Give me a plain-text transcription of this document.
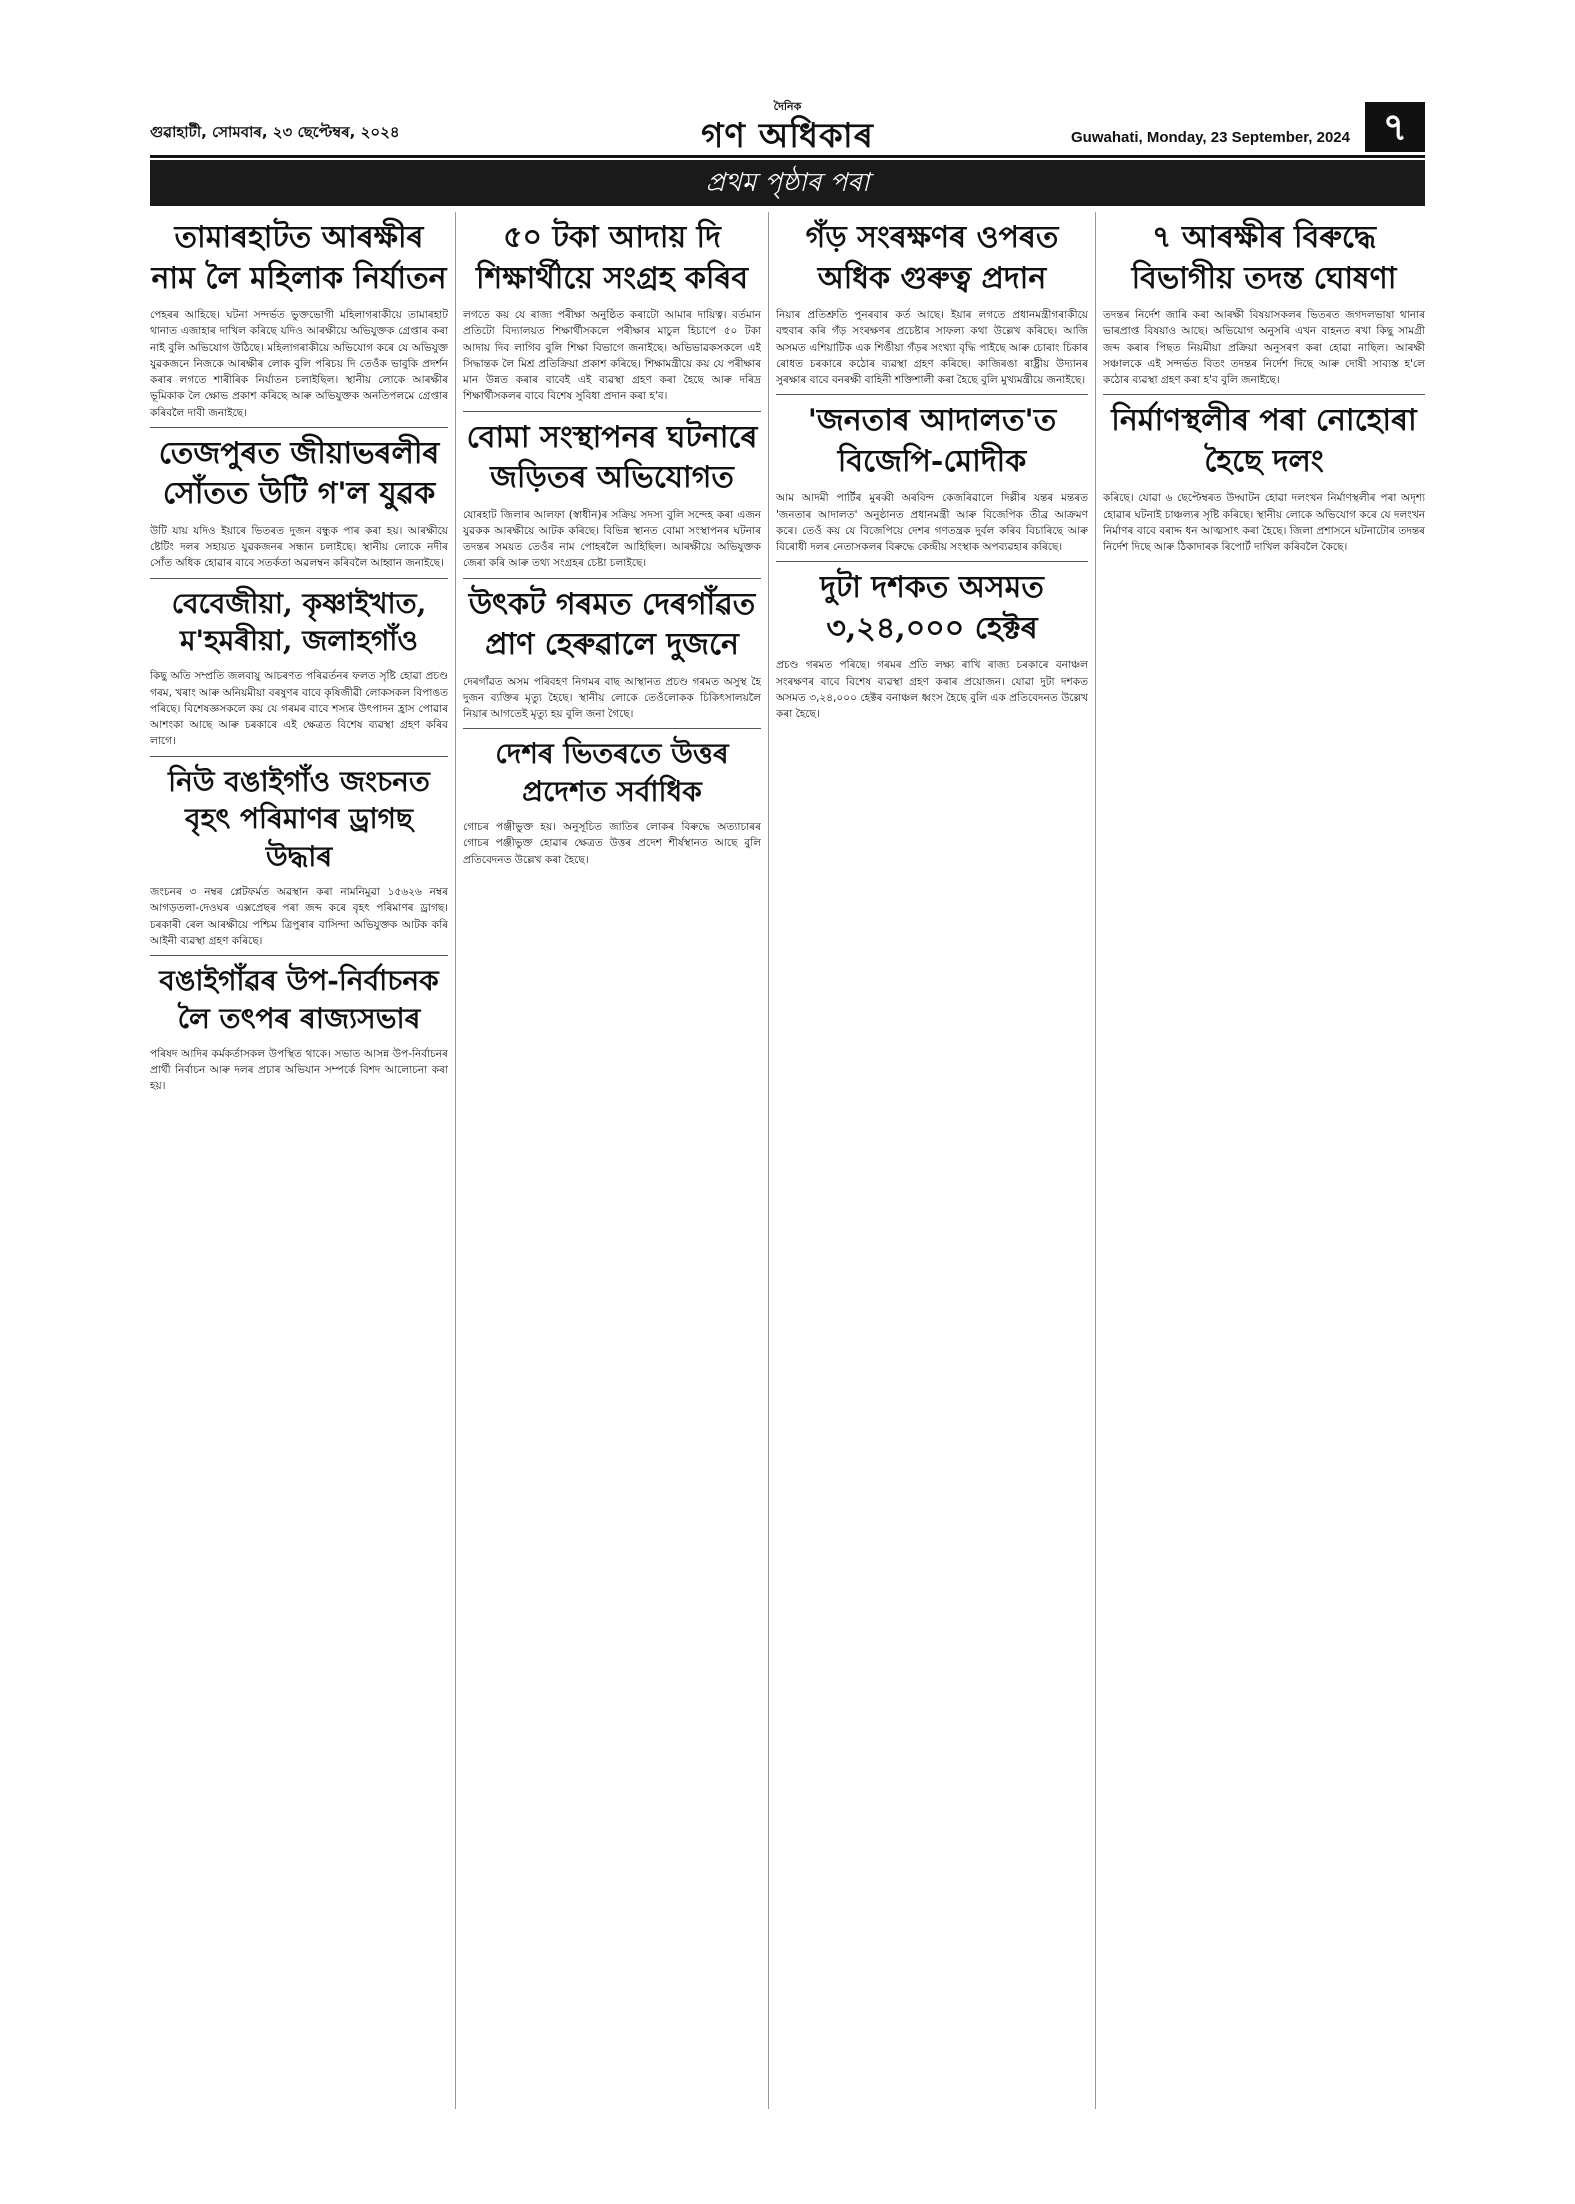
গুৱাহাটী, সোমবাৰ, ২৩ ছেপ্টেম্বৰ, ২০২৪
দৈনিক
গণ অধিকাৰ	Guwahati, Monday, 23 September, 2024 ৭
প্ৰথম পৃষ্ঠাৰ পৰা
তামাৰহাটত আৰক্ষীৰ নাম লৈ মহিলাক নিৰ্যাতন

পেহৰৰ আহিছে। ঘটনা সন্দৰ্ভত ভুক্তভোগী মহিলাগৰাকীয়ে তামাৰহাট থানাত এজাহাৰ দাখিল কৰিছে যদিও আৰক্ষীয়ে অভিযুক্তক গ্ৰেপ্তাৰ কৰা নাই বুলি অভিযোগ উঠিছে। মহিলাগৰাকীয়ে অভিযোগ কৰে যে অভিযুক্ত যুৱকজনে নিজকে আৰক্ষীৰ লোক বুলি পৰিচয় দি তেওঁক ভাবুকি প্ৰদৰ্শন কৰাৰ লগতে শাৰীৰিক নিৰ্যাতন চলাইছিল। স্থানীয় লোকে আৰক্ষীৰ ভূমিকাক লৈ ক্ষোভ প্ৰকাশ কৰিছে আৰু অভিযুক্তক অনতিপলমে গ্ৰেপ্তাৰ কৰিবলৈ দাবী জনাইছে।

তেজপুৰত জীয়াভৰলীৰ সোঁতত উটি গ'ল যুৱক

উটি যায় যদিও ইয়াৰে ভিতৰত দুজন বন্ধুক পাৰ কৰা হয়। আৰক্ষীয়ে ষ্টেটিং দলৰ সহায়ত যুৱকজনৰ সন্ধান চলাইছে। স্থানীয় লোকে নদীৰ সোঁত অধিক হোৱাৰ বাবে সতৰ্কতা অৱলম্বন কৰিবলৈ আহ্বান জনাইছে।

বেবেজীয়া, কৃষ্ণাইখাত, ম'হমৰীয়া, জলাহগাঁও

কিছু অতি সম্প্ৰতি জলবায়ু আচৰণত পৰিৱৰ্তনৰ ফলত সৃষ্টি হোৱা প্ৰচণ্ড গৰম, খৰাং আৰু অনিয়মীয়া বৰষুণৰ বাবে কৃষিজীৱী লোকসকল বিপাঙত পৰিছে। বিশেষজ্ঞসকলে কয় যে গৰমৰ বাবে শস্যৰ উৎপাদন হ্ৰাস পোৱাৰ আশংকা আছে আৰু চৰকাৰে এই ক্ষেত্ৰত বিশেষ ব্যৱস্থা গ্ৰহণ কৰিব লাগে।

নিউ বঙাইগাঁও জংচনত বৃহৎ পৰিমাণৰ ড্ৰাগছ উদ্ধাৰ

জংচনৰ ৩ নম্বৰ প্লেটফৰ্মত অৱস্থান কৰা নামনিমুৱা ১৫৬২৬ নম্বৰ আগড়তলা-দেওঘৰ এক্সপ্ৰেছৰ পৰা জব্দ কৰে বৃহৎ পৰিমাণৰ ড্ৰাগছ। চৰকাৰী ৰেল আৰক্ষীয়ে পশ্চিম ত্ৰিপুৰাৰ বাসিন্দা অভিযুক্তক আটক কৰি আইনী ব্যৱস্থা গ্ৰহণ কৰিছে।

বঙাইগাঁৱৰ উপ-নিৰ্বাচনক লৈ তৎপৰ ৰাজ্যসভাৰ

পৰিষদ আদিৰ কৰ্মকৰ্তাসকল উপস্থিত থাকে। সভাত আসন্ন উপ-নিৰ্বাচনৰ প্ৰাৰ্থী নিৰ্বাচন আৰু দলৰ প্ৰচাৰ অভিযান সম্পৰ্কে বিশদ আলোচনা কৰা হয়।

৫০ টকা আদায় দি শিক্ষাৰ্থীয়ে সংগ্ৰহ কৰিব

লগতে কয় যে ৰাজ্য পৰীক্ষা অনুষ্ঠিত কৰাটো আমাৰ দায়িত্ব। বৰ্তমান প্ৰতিটো বিদ্যালয়ত শিক্ষাৰ্থীসকলে পৰীক্ষাৰ মাচুল হিচাপে ৫০ টকা আদায় দিব লাগিব বুলি শিক্ষা বিভাগে জনাইছে। অভিভাৱকসকলে এই সিদ্ধান্তক লৈ মিশ্ৰ প্ৰতিক্ৰিয়া প্ৰকাশ কৰিছে। শিক্ষামন্ত্ৰীয়ে কয় যে পৰীক্ষাৰ মান উন্নত কৰাৰ বাবেই এই ব্যৱস্থা গ্ৰহণ কৰা হৈছে আৰু দৰিদ্ৰ শিক্ষাৰ্থীসকলৰ বাবে বিশেষ সুবিধা প্ৰদান কৰা হ'ব।

বোমা সংস্থাপনৰ ঘটনাৰে জড়িতৰ অভিযোগত

যোৰহাট জিলাৰ আলফা (স্বাধীন)ৰ সক্ৰিয় সদস্য বুলি সন্দেহ কৰা এজন যুৱকক আৰক্ষীয়ে আটক কৰিছে। বিভিন্ন স্থানত বোমা সংস্থাপনৰ ঘটনাৰ তদন্তৰ সময়ত তেওঁৰ নাম পোহৰলৈ আহিছিল। আৰক্ষীয়ে অভিযুক্তক জেৰা কৰি আৰু তথ্য সংগ্ৰহৰ চেষ্টা চলাইছে।

উৎকট গৰমত দেৰগাঁৱত প্ৰাণ হেৰুৱালে দুজনে

দেৰগাঁৱত অসম পৰিবহণ নিগমৰ বাছ আস্থানত প্ৰচণ্ড গৰমত অসুস্থ হৈ দুজন ব্যক্তিৰ মৃত্যু হৈছে। স্থানীয় লোকে তেওঁলোকক চিকিৎসালয়লৈ নিয়াৰ আগতেই মৃত্যু হয় বুলি জনা গৈছে।

দেশৰ ভিতৰতে উত্তৰ প্ৰদেশত সৰ্বাধিক

গোচৰ পঞ্জীভুক্ত হয়। অনুসূচিত জাতিৰ লোকৰ বিৰুদ্ধে অত্যাচাৰৰ গোচৰ পঞ্জীভুক্ত হোৱাৰ ক্ষেত্ৰত উত্তৰ প্ৰদেশ শীৰ্ষস্থানত আছে বুলি প্ৰতিবেদনত উল্লেখ কৰা হৈছে।

গঁড় সংৰক্ষণৰ ওপৰত অধিক গুৰুত্ব প্ৰদান

নিয়াৰ প্ৰতিশ্ৰুতি পুনৰবাৰ কৰ্ত আছে। ইয়াৰ লগতে প্ৰধানমন্ত্ৰীগৰাকীয়ে বহুবাৰ কৰি গঁড় সংৰক্ষণৰ প্ৰচেষ্টাৰ সাফল্য কথা উল্লেখ কৰিছে। আজি অসমত এশিয়াটিক এক শিঙীয়া গঁড়ৰ সংখ্যা বৃদ্ধি পাইছে আৰু চোৰাং চিকাৰ ৰোধত চৰকাৰে কঠোৰ ব্যৱস্থা গ্ৰহণ কৰিছে। কাজিৰঙা ৰাষ্ট্ৰীয় উদ্যানৰ সুৰক্ষাৰ বাবে বনৰক্ষী বাহিনী শক্তিশালী কৰা হৈছে বুলি মুখ্যমন্ত্ৰীয়ে জনাইছে।

'জনতাৰ আদালত'ত বিজেপি-মোদীক

আম আদমী পাৰ্টিৰ মুৰব্বী অৰবিন্দ কেজৰিৱালে দিল্লীৰ যন্তৰ মন্তৰত 'জনতাৰ আদালত' অনুষ্ঠানত প্ৰধানমন্ত্ৰী আৰু বিজেপিক তীব্ৰ আক্ৰমণ কৰে। তেওঁ কয় যে বিজেপিয়ে দেশৰ গণতন্ত্ৰক দুৰ্বল কৰিব বিচাৰিছে আৰু বিৰোধী দলৰ নেতাসকলৰ বিৰুদ্ধে কেন্দ্ৰীয় সংস্থাক অপব্যৱহাৰ কৰিছে।

দুটা দশকত অসমত ৩,২৪,০০০ হেক্টৰ

প্ৰচণ্ড গৰমত পৰিছে। গৰমৰ প্ৰতি লক্ষ্য ৰাখি ৰাজ্য চৰকাৰে বনাঞ্চল সংৰক্ষণৰ বাবে বিশেষ ব্যৱস্থা গ্ৰহণ কৰাৰ প্ৰয়োজন। যোৱা দুটা দশকত অসমত ৩,২৪,০০০ হেক্টৰ বনাঞ্চল ধ্বংস হৈছে বুলি এক প্ৰতিবেদনত উল্লেখ কৰা হৈছে।

৭ আৰক্ষীৰ বিৰুদ্ধে বিভাগীয় তদন্ত ঘোষণা

তদন্তৰ নিৰ্দেশ জাৰি কৰা আৰক্ষী বিষয়াসকলৰ ভিতৰত জগদলভাষা থানাৰ ভাৰপ্ৰাপ্ত বিষয়াও আছে। অভিযোগ অনুসৰি এখন বাহনত ৰখা কিছু সামগ্ৰী জব্দ কৰাৰ পিছত নিয়মীয়া প্ৰক্ৰিয়া অনুসৰণ কৰা হোৱা নাছিল। আৰক্ষী সঞ্চালকে এই সন্দৰ্ভত বিতং তদন্তৰ নিৰ্দেশ দিছে আৰু দোষী সাব্যস্ত হ'লে কঠোৰ ব্যৱস্থা গ্ৰহণ কৰা হ'ব বুলি জনাইছে।

নিৰ্মাণস্থলীৰ পৰা নোহোৰা হৈছে দলং

কৰিছে। যোৱা ৬ ছেপ্টেম্বৰত উদ্ঘাটন হোৱা দলংখন নিৰ্মাণস্থলীৰ পৰা অদৃশ্য হোৱাৰ ঘটনাই চাঞ্চল্যৰ সৃষ্টি কৰিছে। স্থানীয় লোকে অভিযোগ কৰে যে দলংখন নিৰ্মাণৰ বাবে বৰাদ্দ ধন আত্মসাৎ কৰা হৈছে। জিলা প্ৰশাসনে ঘটনাটোৰ তদন্তৰ নিৰ্দেশ দিছে আৰু ঠিকাদাৰক ৰিপোৰ্ট দাখিল কৰিবলৈ কৈছে।
